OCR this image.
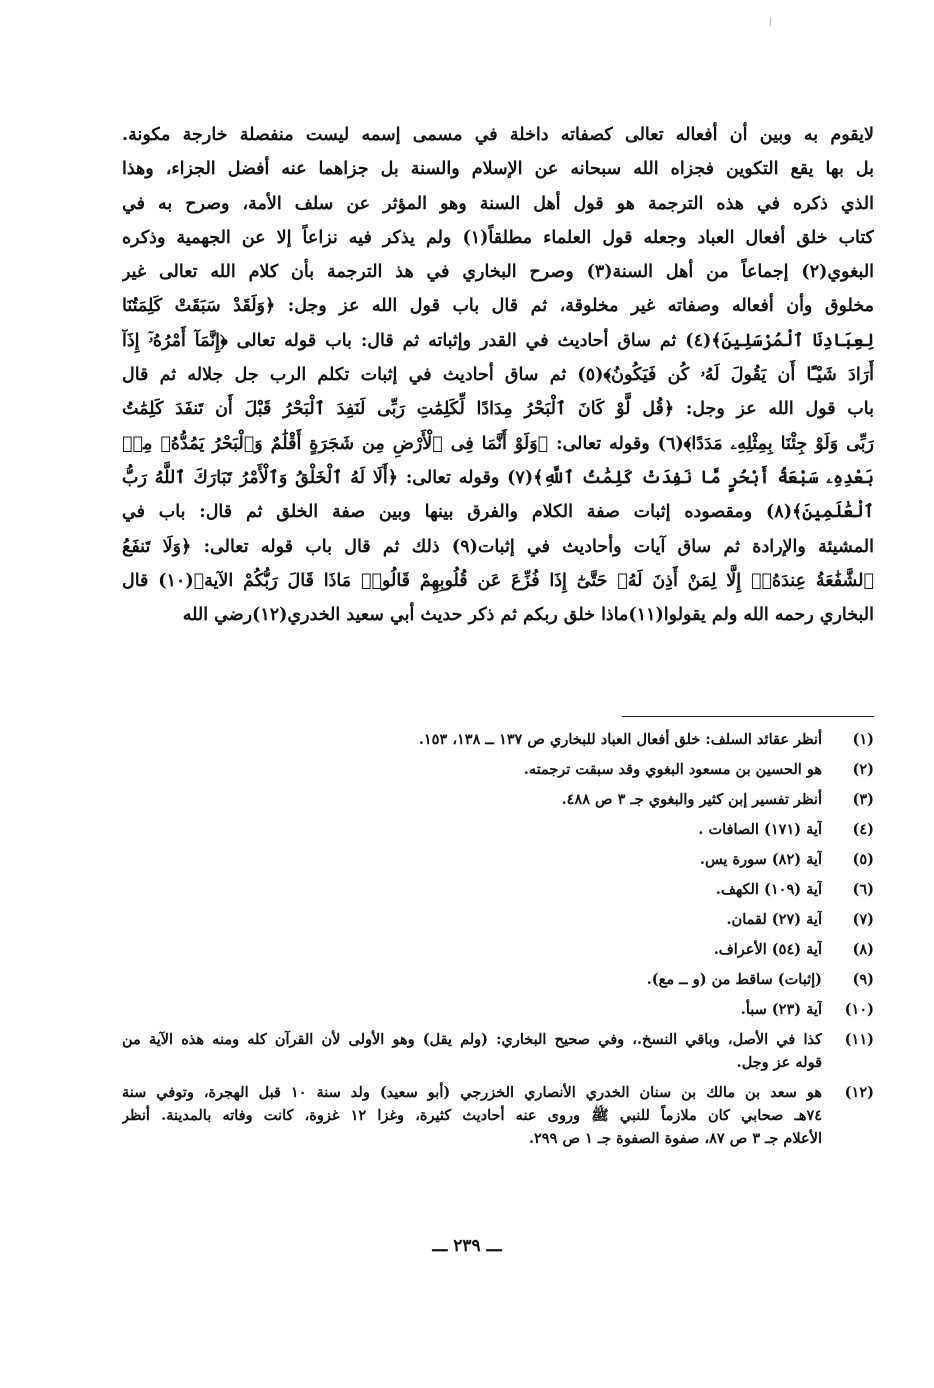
لايقوم به وبين أن أفعاله تعالى كصفاته داخلة في مسمى إسمه ليست منفصلة خارجة مكونة.
بل بها يقع التكوين فجزاه الله سبحانه عن الإسلام والسنة بل جزاهما عنه أفضل الجزاء، وهذا
الذي ذكره في هذه الترجمة هو قول أهل السنة وهو المؤثر عن سلف الأمة، وصرح به في
كتاب خلق أفعال العباد وجعله قول العلماء مطلقاً(١) ولم يذكر فيه نزاعاً إلا عن الجهمية وذكره
البغوي(٢) إجماعاً من أهل السنة(٣) وصرح البخاري في هذ الترجمة بأن كلام الله تعالى غير
مخلوق وأن أفعاله وصفاته غير مخلوقة، ثم قال باب قول الله عز وجل: ﴿وَلَقَدْ سَبَقَتْ كَلِمَتُنَا
لِعِبَادِنَا ٱلْمُرْسَلِينَ﴾(٤) ثم ساق أحاديث في القدر وإثباته ثم قال: باب قوله تعالى ﴿إِنَّمَآ أَمْرُهُۥٓ إِذَآ
أَرَادَ شَيْـًٔا أَن يَقُولَ لَهُۥ كُن فَيَكُونُ﴾(٥) ثم ساق أحاديث في إثبات تكلم الرب جل جلاله ثم قال
باب قول الله عز وجل: ﴿قُل لَّوْ كَانَ ٱلْبَحْرُ مِدَادًا لِّكَلِمَٰتِ رَبِّى لَنَفِدَ ٱلْبَحْرُ قَبْلَ أَن تَنفَدَ كَلِمَٰتُ
رَبِّى وَلَوْ جِئْنَا بِمِثْلِهِۦ مَدَدًا﴾(٦) وقوله تعالى: ﴿وَلَوْ أَنَّمَا فِى ٱلْأَرْضِ مِن شَجَرَةٍ أَقْلَٰمٌ وَٱلْبَحْرُ يَمُدُّهُۥ مِنۢ
بَعْدِهِۦ سَبْعَةُ أَبْحُرٍ مَّا نَفِدَتْ كَلِمَٰتُ ٱللَّهِ﴾(٧) وقوله تعالى: ﴿أَلَا لَهُ ٱلْخَلْقُ وَٱلْأَمْرُ تَبَارَكَ ٱللَّهُ رَبُّ
ٱلْعَٰلَمِينَ﴾(٨) ومقصوده إثبات صفة الكلام والفرق بينها وبين صفة الخلق ثم قال: باب في
المشيئة والإرادة ثم ساق آيات وأحاديث في إثبات(٩) ذلك ثم قال باب قوله تعالى: ﴿وَلَا تَنفَعُ
ٱلشَّفَٰعَةُ عِندَهُۥٓ إِلَّا لِمَنْ أَذِنَ لَهُۥ حَتَّىٰٓ إِذَا فُزِّعَ عَن قُلُوبِهِمْ قَالُوا۟ مَاذَا قَالَ رَبُّكُمْ الآية﴾(١٠) قال
البخاري رحمه الله ولم يقولوا(١١)ماذا خلق ربكم ثم ذكر حديث أبي سعيد الخدري(١٢)رضي الله
(١)
أنظر عقائد السلف: خلق أفعال العباد للبخاري ص ١٣٧ ــ ١٣٨، ١٥٣.
(٢)
هو الحسين بن مسعود البغوي وقد سبقت ترجمته.
(٣)
أنظر تفسير إبن كثير والبغوي جـ ٣ ص ٤٨٨.
(٤)
آية (١٧١) الصافات .
(٥)
آية (٨٢) سورة يس.
(٦)
آية (١٠٩) الكهف.
(٧)
آية (٢٧) لقمان.
(٨)
آية (٥٤) الأعراف.
(٩)
(إثبات) ساقط من (و ــ مع).
(١٠)
آية (٢٣) سبأ.
(١١)
كذا في الأصل، وباقي النسخ.، وفي صحيح البخاري: (ولم يقل) وهو الأولى لأن القرآن كله ومنه هذه الآية من
قوله عز وجل.
(١٢)
هو سعد بن مالك بن سنان الخدري الأنصاري الخزرجي (أبو سعيد) ولد سنة ١٠ قبل الهجرة، وتوفي سنة
٧٤هـ صحابي كان ملازماً للنبي ﷺ وروى عنه أحاديث كثيرة، وغزا ١٢ غزوة، كانت وفاته بالمدينة. أنظر
الأعلام جـ ٣ ص ٨٧، صفوة الصفوة جـ ١ ص ٢٩٩.
ـــ ٢٣٩ ـــ
